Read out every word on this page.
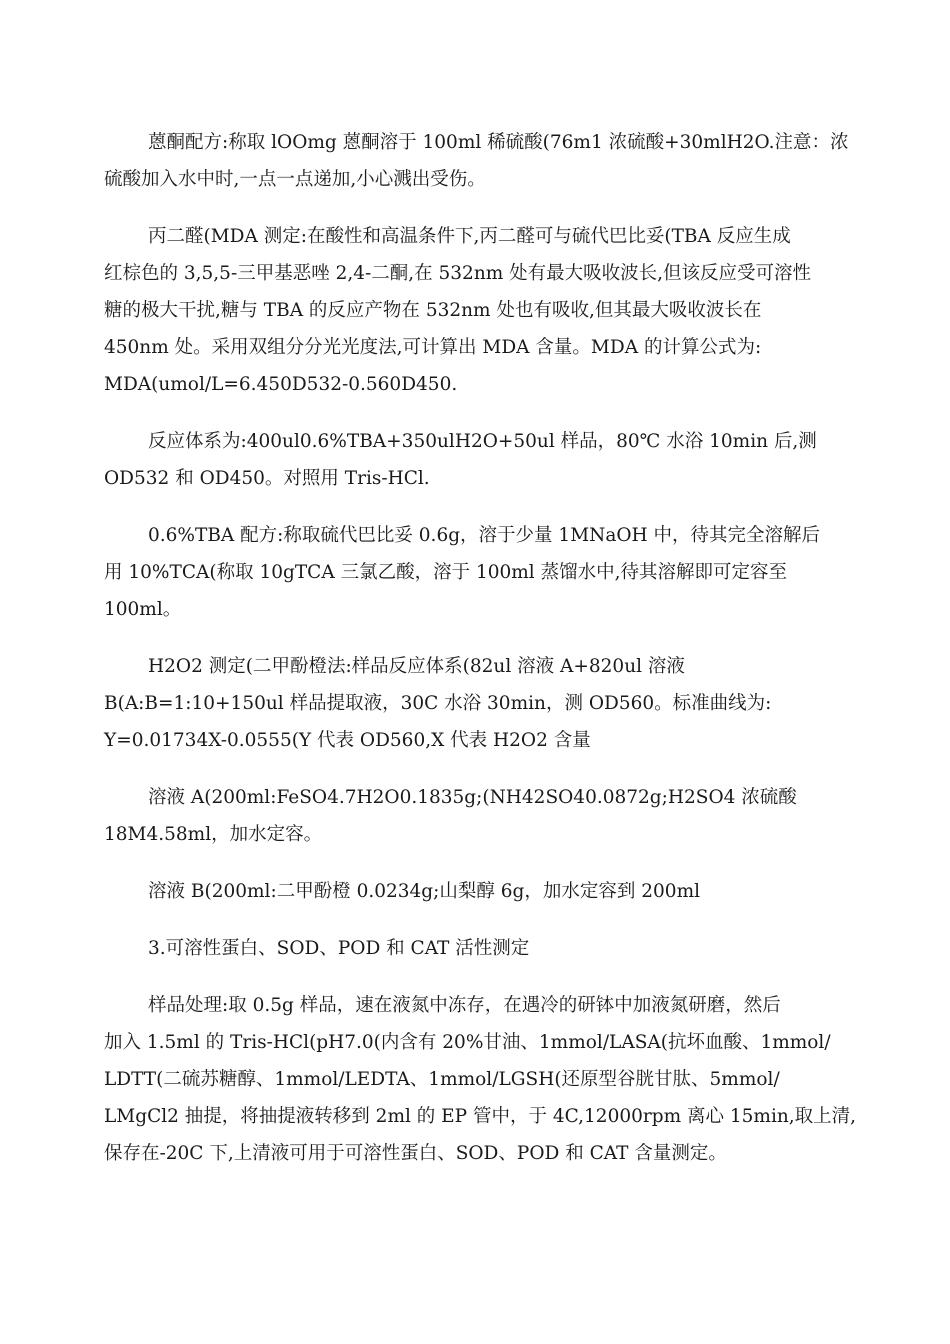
蒽酮配方:称取 lOOmg 蒽酮溶于 100ml 稀硫酸(76m1 浓硫酸+30mlH2O.注意：浓
硫酸加入水中时,一点一点递加,小心溅出受伤。

丙二醛(MDA 测定:在酸性和高温条件下,丙二醛可与硫代巴比妥(TBA 反应生成
红棕色的 3,5,5-三甲基恶唑 2,4-二酮,在 532nm 处有最大吸收波长,但该反应受可溶性
糖的极大干扰,糖与 TBA 的反应产物在 532nm 处也有吸收,但其最大吸收波长在
450nm 处。采用双组分分光光度法,可计算出 MDA 含量。MDA 的计算公式为:
MDA(umol/L=6.450D532-0.560D450.

反应体系为:400ul0.6%TBA+350ulH2O+50ul 样品，80℃ 水浴 10min 后,测
OD532 和 OD450。对照用 Tris-HCl.

0.6%TBA 配方:称取硫代巴比妥 0.6g，溶于少量 1MNaOH 中，待其完全溶解后
用 10%TCA(称取 10gTCA 三氯乙酸，溶于 100ml 蒸馏水中,待其溶解即可定容至
100ml。

H2O2 测定(二甲酚橙法:样品反应体系(82ul 溶液 A+820ul 溶液
B(A:B=1:10+150ul 样品提取液，30C 水浴 30min，测 OD560。标准曲线为:
Y=0.01734X-0.0555(Y 代表 OD560,X 代表 H2O2 含量

溶液 A(200ml:FeSO4.7H2O0.1835g;(NH42SO40.0872g;H2SO4 浓硫酸
18M4.58ml，加水定容。

溶液 B(200ml:二甲酚橙 0.0234g;山梨醇 6g，加水定容到 200ml

3.可溶性蛋白、SOD、POD 和 CAT 活性测定

样品处理:取 0.5g 样品，速在液氮中冻存，在遇冷的研钵中加液氮研磨，然后
加入 1.5ml 的 Tris-HCl(pH7.0(内含有 20%甘油、1mmol/LASA(抗坏血酸、1mmol/
LDTT(二硫苏糖醇、1mmol/LEDTA、1mmol/LGSH(还原型谷胱甘肽、5mmol/
LMgCl2 抽提，将抽提液转移到 2ml 的 EP 管中，于 4C,12000rpm 离心 15min,取上清,
保存在-20C 下,上清液可用于可溶性蛋白、SOD、POD 和 CAT 含量测定。
